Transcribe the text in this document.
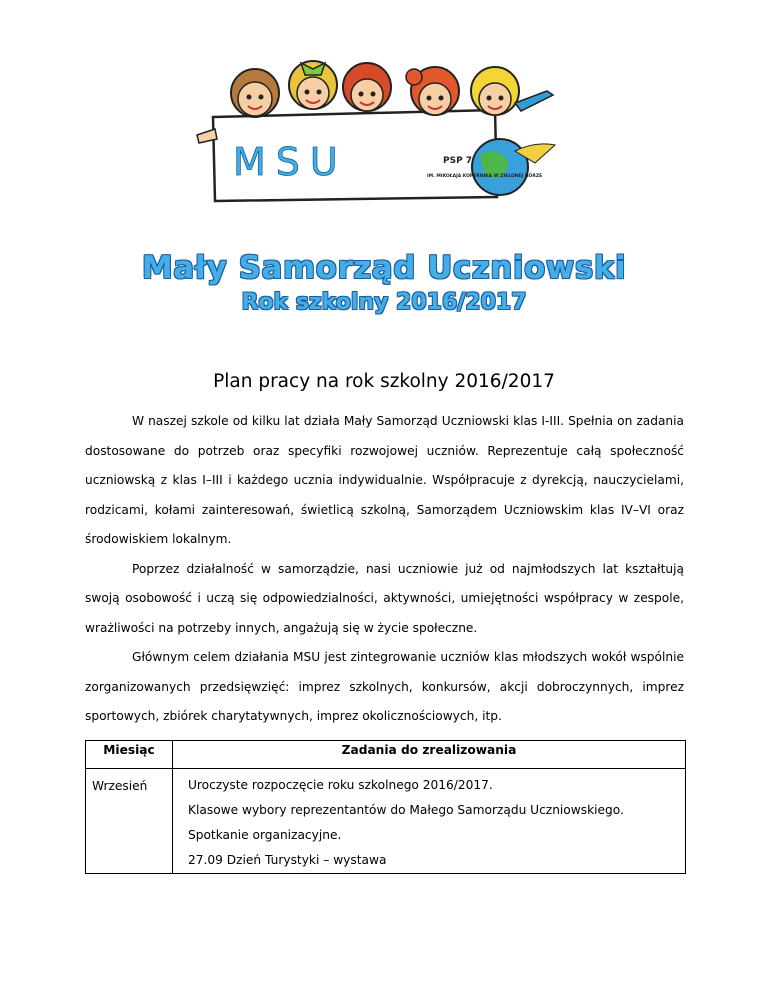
MSU	PSP 7
IM. MIKOŁAJA KOPERNIKA W ZIELONEJ GÓRZE
Mały Samorząd Uczniowski
Rok szkolny 2016/2017
Plan pracy na rok szkolny 2016/2017

W naszej szkole od kilku lat działa Mały Samorząd Uczniowski klas I-III. Spełnia on zadania dostosowane do potrzeb oraz specyfiki rozwojowej uczniów. Reprezentuje całą społeczność uczniowską z klas I–III i każdego ucznia indywidualnie. Współpracuje z dyrekcją, nauczycielami, rodzicami, kołami zainteresowań, świetlicą szkolną, Samorządem Uczniowskim klas IV–VI oraz środowiskiem lokalnym.

Poprzez działalność w samorządzie, nasi uczniowie już od najmłodszych lat kształtują swoją osobowość i uczą się odpowiedzialności, aktywności, umiejętności współpracy w zespole, wrażliwości na potrzeby innych, angażują się w życie społeczne.

Głównym celem działania MSU jest zintegrowanie uczniów klas młodszych wokół wspólnie zorganizowanych przedsięwzięć: imprez szkolnych, konkursów, akcji dobroczynnych, imprez sportowych, zbiórek charytatywnych, imprez okolicznościowych, itp.

Miesiąc	Zadania do zrealizowania
Wrzesień	Uroczyste rozpoczęcie roku szkolnego 2016/2017.
Klasowe wybory reprezentantów do Małego Samorządu Uczniowskiego.
Spotkanie organizacyjne.
27.09 Dzień Turystyki – wystawa
